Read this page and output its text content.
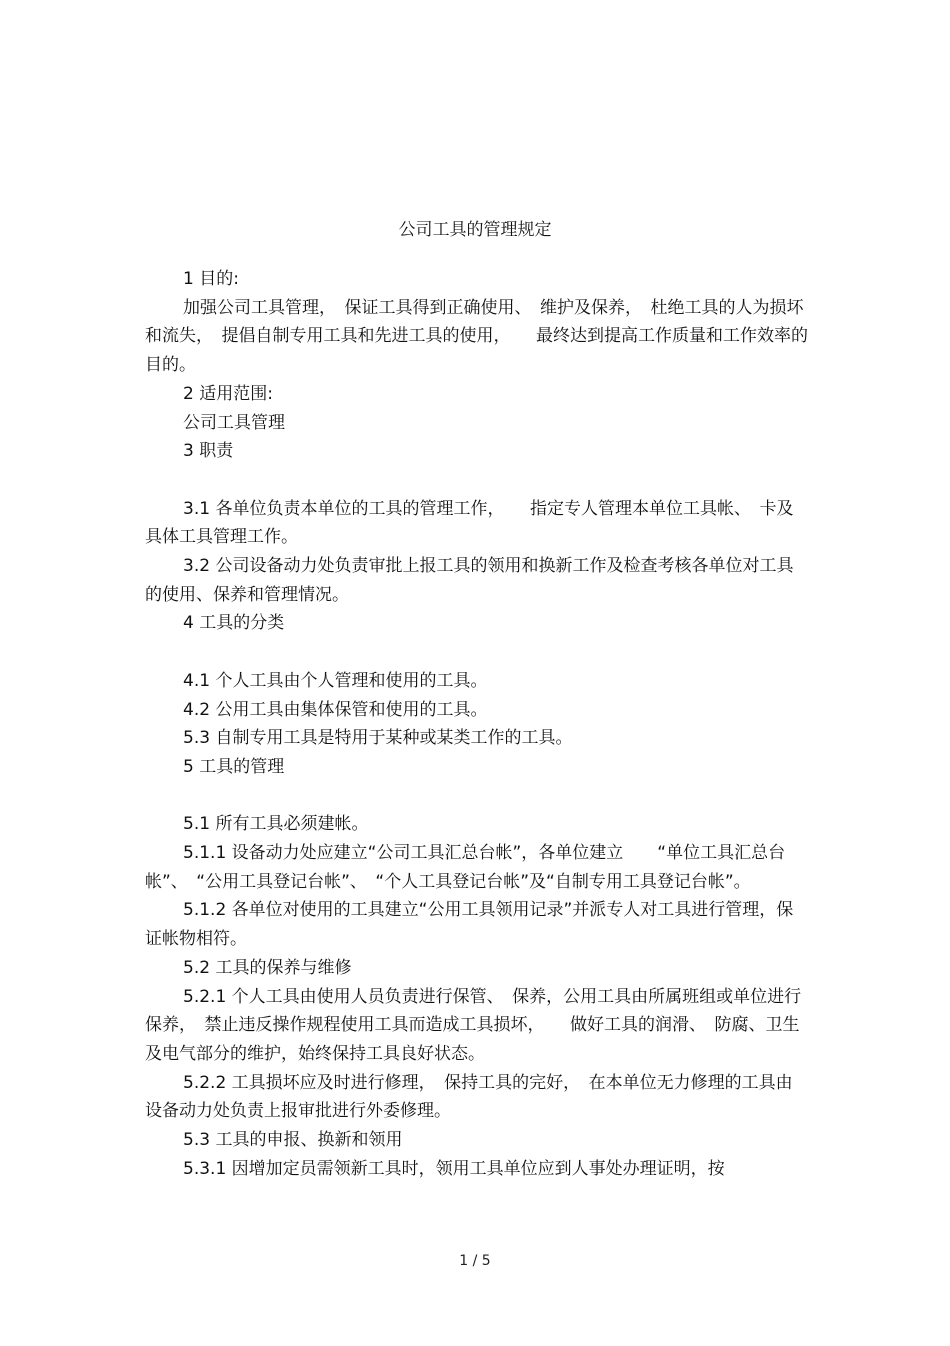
公司工具的管理规定

1 目的:

加强公司工具管理，　保证工具得到正确使用、　维护及保养，　杜绝工具的人为损坏和流失，　提倡自制专用工具和先进工具的使用，　　最终达到提高工作质量和工作效率的目的。

2 适用范围:

公司工具管理

3 职责

3.1 各单位负责本单位的工具的管理工作，　　指定专人管理本单位工具帐、　卡及具体工具管理工作。

3.2 公司设备动力处负责审批上报工具的领用和换新工作及检查考核各单位对工具的使用、保养和管理情况。

4 工具的分类

4.1 个人工具由个人管理和使用的工具。

4.2 公用工具由集体保管和使用的工具。

5.3 自制专用工具是特用于某种或某类工作的工具。

5 工具的管理

5.1 所有工具必须建帐。

5.1.1 设备动力处应建立“公司工具汇总台帐”，各单位建立　　“单位工具汇总台帐”、　“公用工具登记台帐”、　“个人工具登记台帐”及“自制专用工具登记台帐”。

5.1.2 各单位对使用的工具建立“公用工具领用记录”并派专人对工具进行管理，保证帐物相符。

5.2 工具的保养与维修

5.2.1 个人工具由使用人员负责进行保管、　保养，公用工具由所属班组或单位进行保养，　禁止违反操作规程使用工具而造成工具损坏，　　做好工具的润滑、　防腐、卫生及电气部分的维护，始终保持工具良好状态。

5.2.2 工具损坏应及时进行修理，　保持工具的完好，　在本单位无力修理的工具由设备动力处负责上报审批进行外委修理。

5.3 工具的申报、换新和领用

5.3.1 因增加定员需领新工具时，领用工具单位应到人事处办理证明，按

1 / 5
